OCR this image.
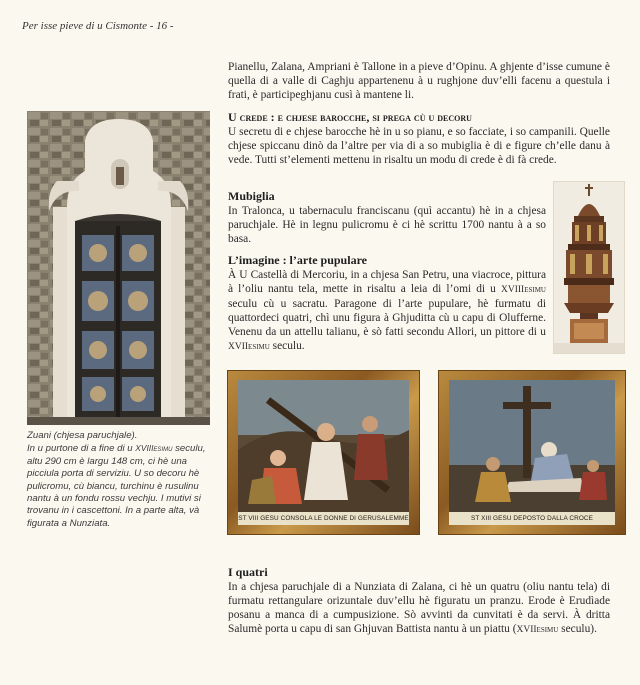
Per isse pieve di u Cismonte - 16 -

Pianellu, Zalana, Ampriani è Tallone in a pieve d’Opinu. A ghjente d’isse cumune è quella di a valle di Caghju appartenenu à u rughjone duv’elli facenu a questula i frati, è participeghjanu cusì à mantene li.

U crede : e chjese barocche, si prega cù u decoru

U secretu di e chjese barocche hè in u so pianu, e so facciate, i so campanili. Quelle chjese spiccanu dinò da l’altre per via di a so mubiglia è di e figure ch’elle danu à vede. Tutti st’elementi mettenu in risaltu un modu di crede è di fà crede.

Mubiglia

In Tralonca, u tabernaculu franciscanu (quì accantu) hè in a chjesa paruchjale. Hè in legnu pulicromu è ci hè scrittu 1700 nantu à a so basa.

L’imagine : l’arte pupulare

À U Castellà di Mercoriu, in a chjesa San Petru, una viacroce, pittura à l’oliu nantu tela, mette in risaltu a leia di l’omi di u XVIIIesimu seculu cù u sacratu. Paragone di l’arte pupulare, hè furmatu di quattordeci quatri, chì unu figura à Ghjuditta cù u capu di Olufferne. Venenu da un attellu talianu, è sò fatti secondu Allori, un pittore di u XVIIesimu seculu.

I quatri

In a chjesa paruchjale di a Nunziata di Zalana, ci hè un quatru (oliu nantu tela) di furmatu rettangulare orizuntale duv’ellu hè figuratu un pranzu. Erode è Erudìade posanu a manca di a cumpusizione. Sò avvinti da cunvitati è da servi. À dritta Salumè porta u capu di san Ghjuvan Battista nantu à un piattu (XVIIesimu seculu).

Zuani (chjesa paruchjale).
In u purtone di a fine di u XVIIIesimu seculu, altu 290 cm è largu 148 cm, ci hè una picciula porta di serviziu. U so decoru hè pulicromu, cù biancu, turchinu è rusulinu nantu à un fondu rossu vechju. I mutivi si trovanu in i cascettoni. In a parte alta, và figurata a Nunziata.	ST VIII GESU CONSOLA LE DONNE DI GERUSALEMME	ST XIII GESU DEPOSTO DALLA CROCE
